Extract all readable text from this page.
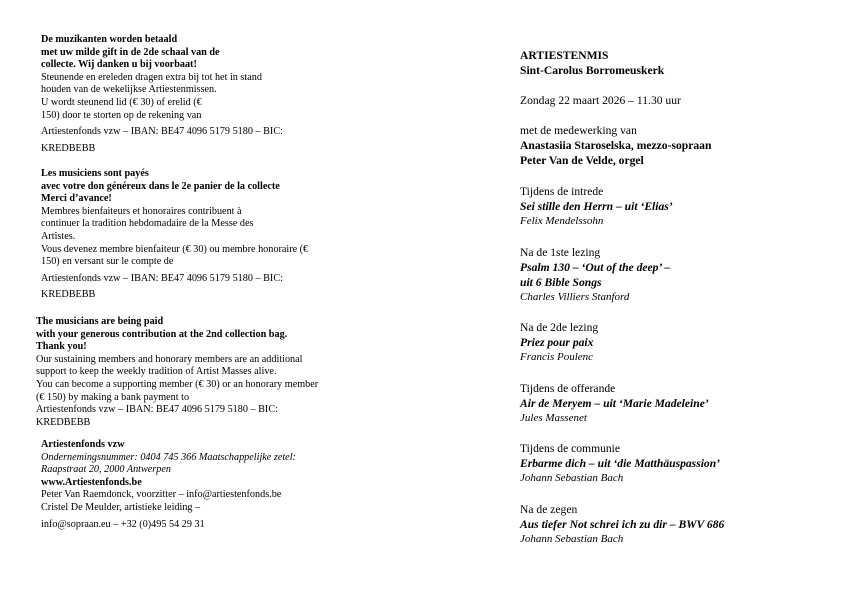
De muzikanten worden betaald
met uw milde gift in de 2de schaal van de
collecte. Wij danken u bij voorbaat!
Steunende en ereleden dragen extra bij tot het in stand
houden van de wekelijkse Artiestenmissen.
U wordt steunend lid (€ 30) of erelid (€
150) door te storten op de rekening van
Artiestenfonds vzw – IBAN: BE47 4096 5179 5180 – BIC:
KREDBEBB
Les musiciens sont payés
avec votre don généreux dans le 2e panier de la collecte
Merci d’avance!
Membres bienfaiteurs et honoraires contribuent à
continuer la tradition hebdomadaire de la Messe des
Artistes.
Vous devenez membre bienfaiteur (€ 30) ou membre honoraire (€
150) en versant sur le compte de
Artiestenfonds vzw – IBAN: BE47 4096 5179 5180 – BIC:
KREDBEBB
The musicians are being paid
with your generous contribution at the 2nd collection bag.
Thank you!
Our sustaining members and honorary members are an additional
support to keep the weekly tradition of Artist Masses alive.
You can become a supporting member (€ 30) or an honorary member
(€ 150) by making a bank payment to
Artiestenfonds vzw – IBAN: BE47 4096 5179 5180 – BIC:
KREDBEBB
Artiestenfonds vzw
Ondernemingsnummer: 0404 745 366 Maatschappelijke zetel:
Raapstraat 20, 2000 Antwerpen
www.Artiestenfonds.be
Peter Van Raemdonck, voorzitter – info@artiestenfonds.be
Cristel De Meulder, artistieke leiding –
info@sopraan.eu – +32 (0)495 54 29 31
ARTIESTENMIS
Sint-Carolus Borromeuskerk
Zondag 22 maart 2026 – 11.30 uur
met de medewerking van
Anastasiia Staroselska, mezzo-sopraan
Peter Van de Velde, orgel
Tijdens de intrede
Sei stille den Herrn – uit ‘Elias’
Felix Mendelssohn
Na de 1ste lezing
Psalm 130 – ‘Out of the deep’ –
uit 6 Bible Songs
Charles Villiers Stanford
Na de 2de lezing
Priez pour paix
Francis Poulenc
Tijdens de offerande
Air de Meryem – uit ‘Marie Madeleine’
Jules Massenet
Tijdens de communie
Erbarme dich – uit ‘die Matthäuspassion’
Johann Sebastian Bach
Na de zegen
Aus tiefer Not schrei ich zu dir – BWV 686
Johann Sebastian Bach
